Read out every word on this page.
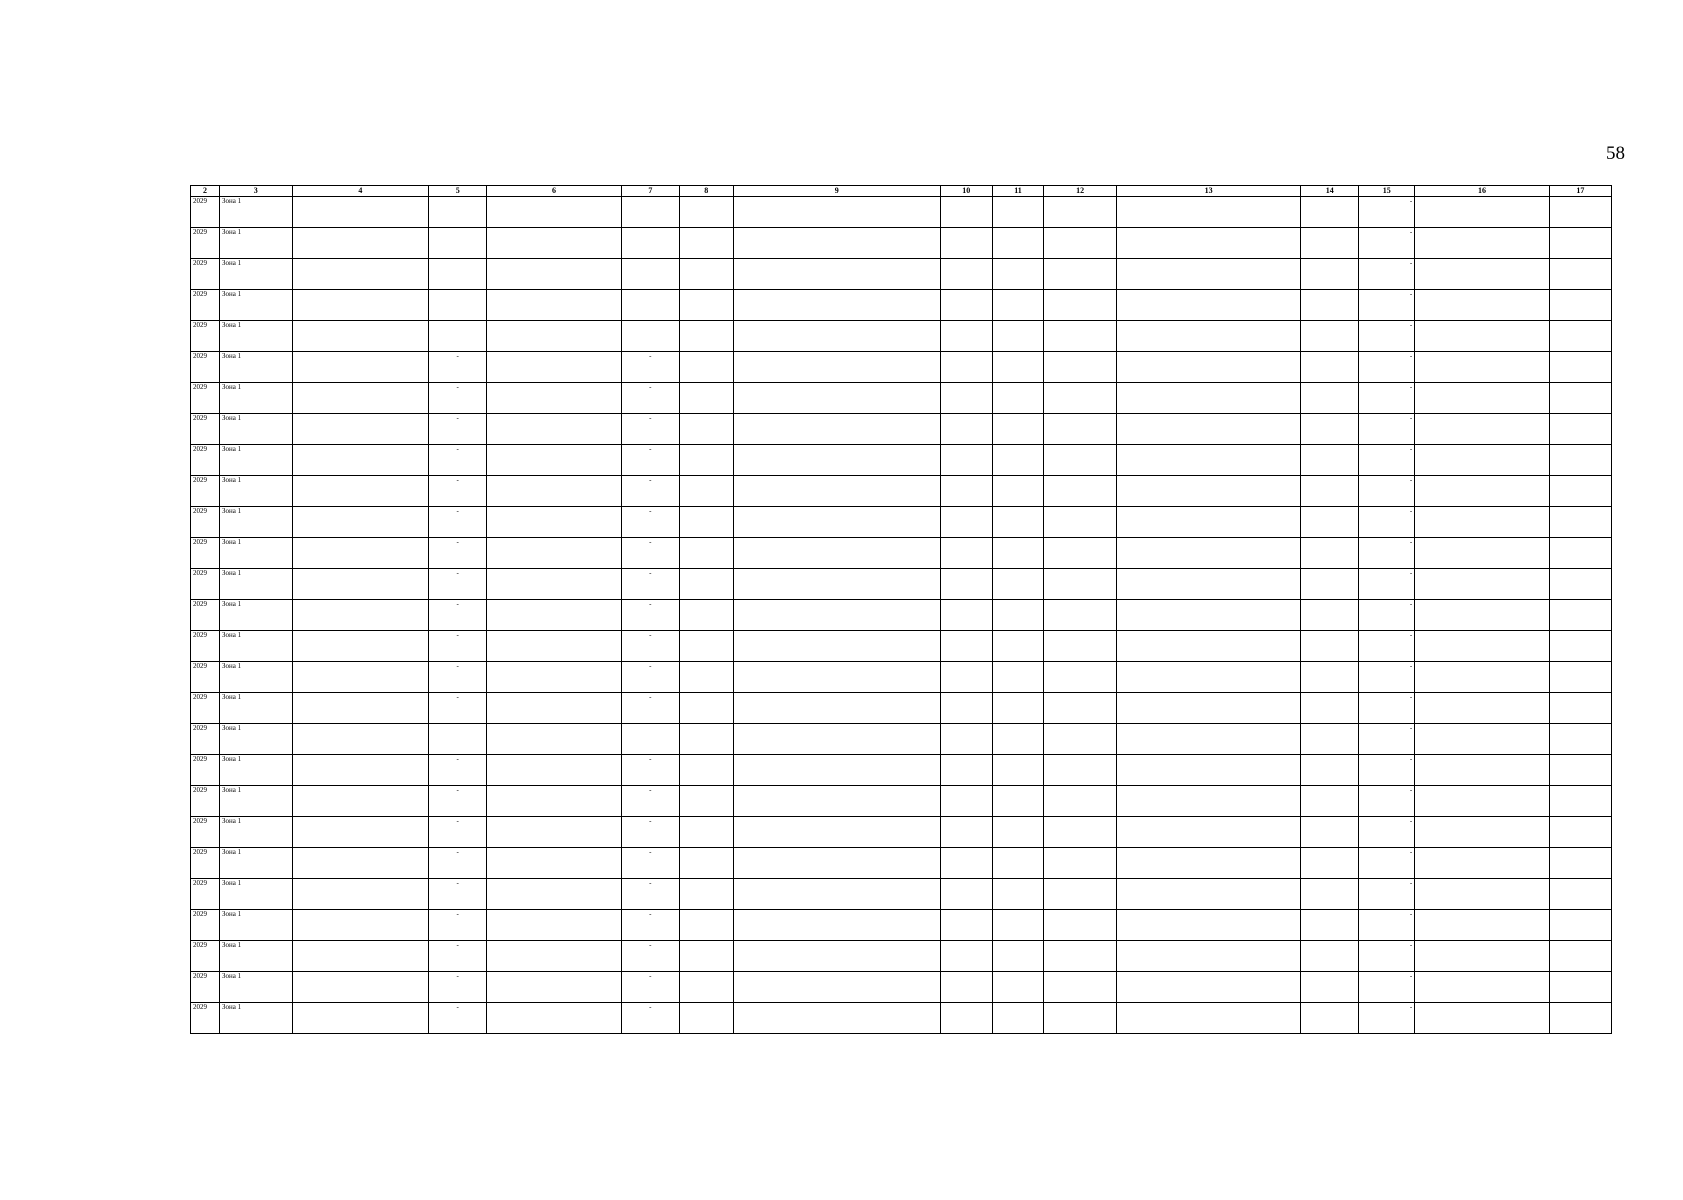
58
2	3	4	5	6	7	8	9	10	11	12	13	14	15	16	17
2029	Зона 1												-		
2029	Зона 1												-		
2029	Зона 1												-		
2029	Зона 1												-		
2029	Зона 1												-		
2029	Зона 1		-		-								-		
2029	Зона 1		-		-								-		
2029	Зона 1		-		-								-		
2029	Зона 1		-		-								-		
2029	Зона 1		-		-								-		
2029	Зона 1		-		-								-		
2029	Зона 1		-		-								-		
2029	Зона 1		-		-								-		
2029	Зона 1		-		-								-		
2029	Зона 1		-		-								-		
2029	Зона 1		-		-								-		
2029	Зона 1		-		-								-		
2029	Зона 1												-		
2029	Зона 1		-		-								-		
2029	Зона 1		-		-								-		
2029	Зона 1		-		-								-		
2029	Зона 1		-		-								-		
2029	Зона 1		-		-								-		
2029	Зона 1		-		-								-		
2029	Зона 1		-		-								-		
2029	Зона 1		-		-								-		
2029	Зона 1		-		-								-		
